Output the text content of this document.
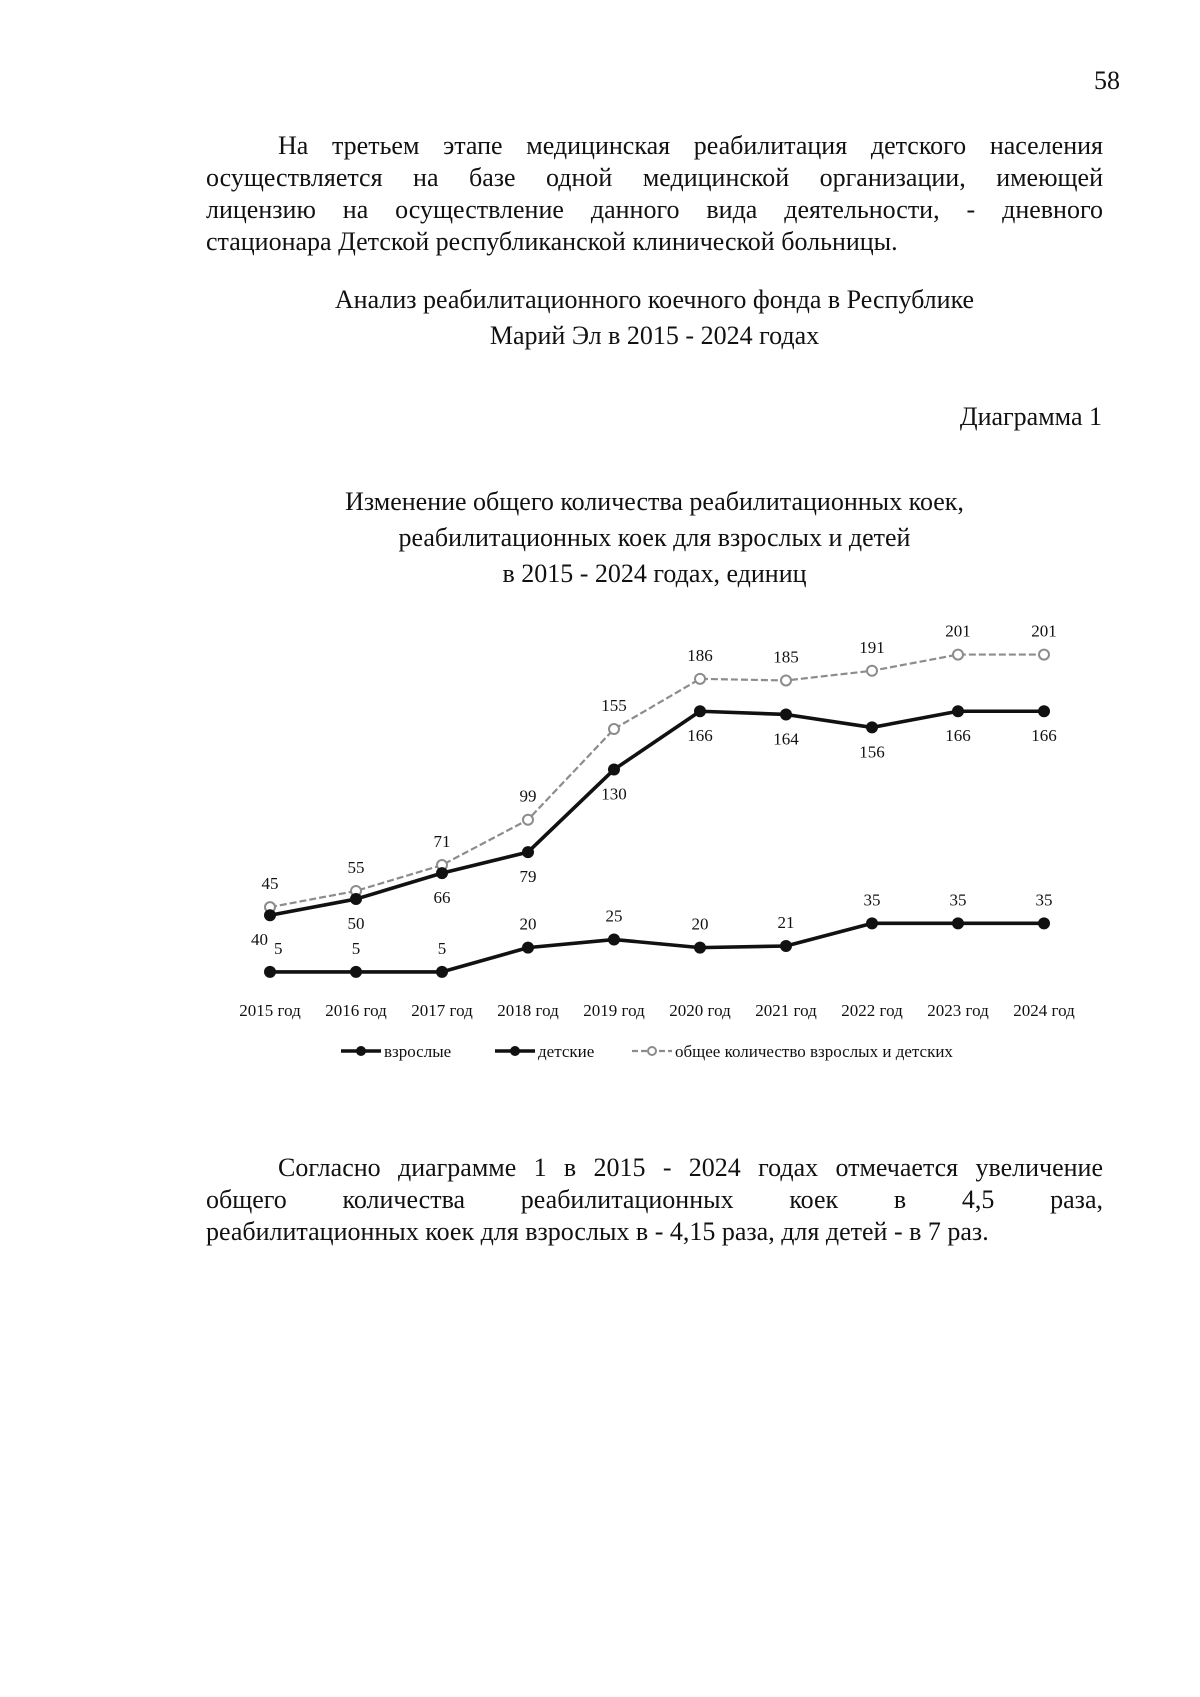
58
На третьем этапе медицинская реабилитация детского населения
осуществляется на базе одной медицинской организации, имеющей
лицензию на осуществление данного вида деятельности, - дневного
стационара Детской республиканской клинической больницы.
Анализ реабилитационного коечного фонда в Республике
Марий Эл в 2015 - 2024 годах
Диаграмма 1
Изменение общего количества реабилитационных коек,
реабилитационных коек для взрослых и детей
в 2015 - 2024 годах, единиц
45
55
71
99
155
186	185
191
201	201
40
50
66
79
130
166	164
156
166	166
5	5	5
20	25	20	21
35	35	35
2015 год 2016 год 2017 год 2018 год 2019 год 2020 год 2021 год 2022 год 2023 год 2024 год
взрослые	детские	общее количество взрослых и детских
Согласно диаграмме 1 в 2015 - 2024 годах отмечается увеличение
общего количества реабилитационных коек в 4,5 раза,
реабилитационных коек для взрослых в - 4,15 раза, для детей - в 7 раз.
